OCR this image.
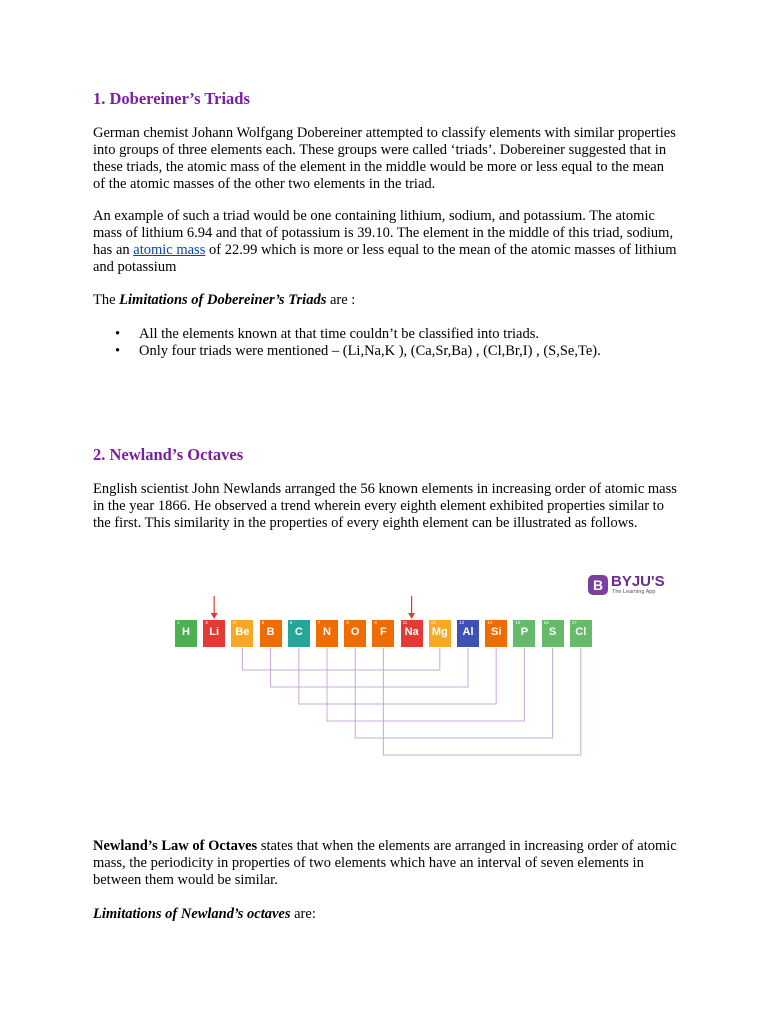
1. Dobereiner’s Triads

German chemist Johann Wolfgang Dobereiner attempted to classify elements with similar properties into groups of three elements each. These groups were called ‘triads’. Dobereiner suggested that in these triads, the atomic mass of the element in the middle would be more or less equal to the mean of the atomic masses of the other two elements in the triad.

An example of such a triad would be one containing lithium, sodium, and potassium. The atomic mass of lithium 6.94 and that of potassium is 39.10. The element in the middle of this triad, sodium, has an atomic mass of 22.99 which is more or less equal to the mean of the atomic masses of lithium and potassium

The Limitations of Dobereiner’s Triads are :

• All the elements known at that time couldn’t be classified into triads.
• Only four triads were mentioned – (Li,Na,K ), (Ca,Sr,Ba) , (Cl,Br,I) , (S,Se,Te).
2. Newland’s Octaves

English scientist John Newlands arranged the 56 known elements in increasing order of atomic mass in the year 1866. He observed a trend wherein every eighth element exhibited properties similar to the first. This similarity in the properties of every eighth element can be illustrated as follows.

Newland’s Law of Octaves states that when the elements are arranged in increasing order of atomic mass, the periodicity in properties of two elements which have an interval of seven elements in between them would be similar.

Limitations of Newland’s octaves are:

B BYJU'S
The Learning App
1
H
3
Li
4
Be
5
B
6
C
7
N
8
O
9
F
11
Na
12
Mg
13
Al
14
Si
15
P
16
S
17
Cl
